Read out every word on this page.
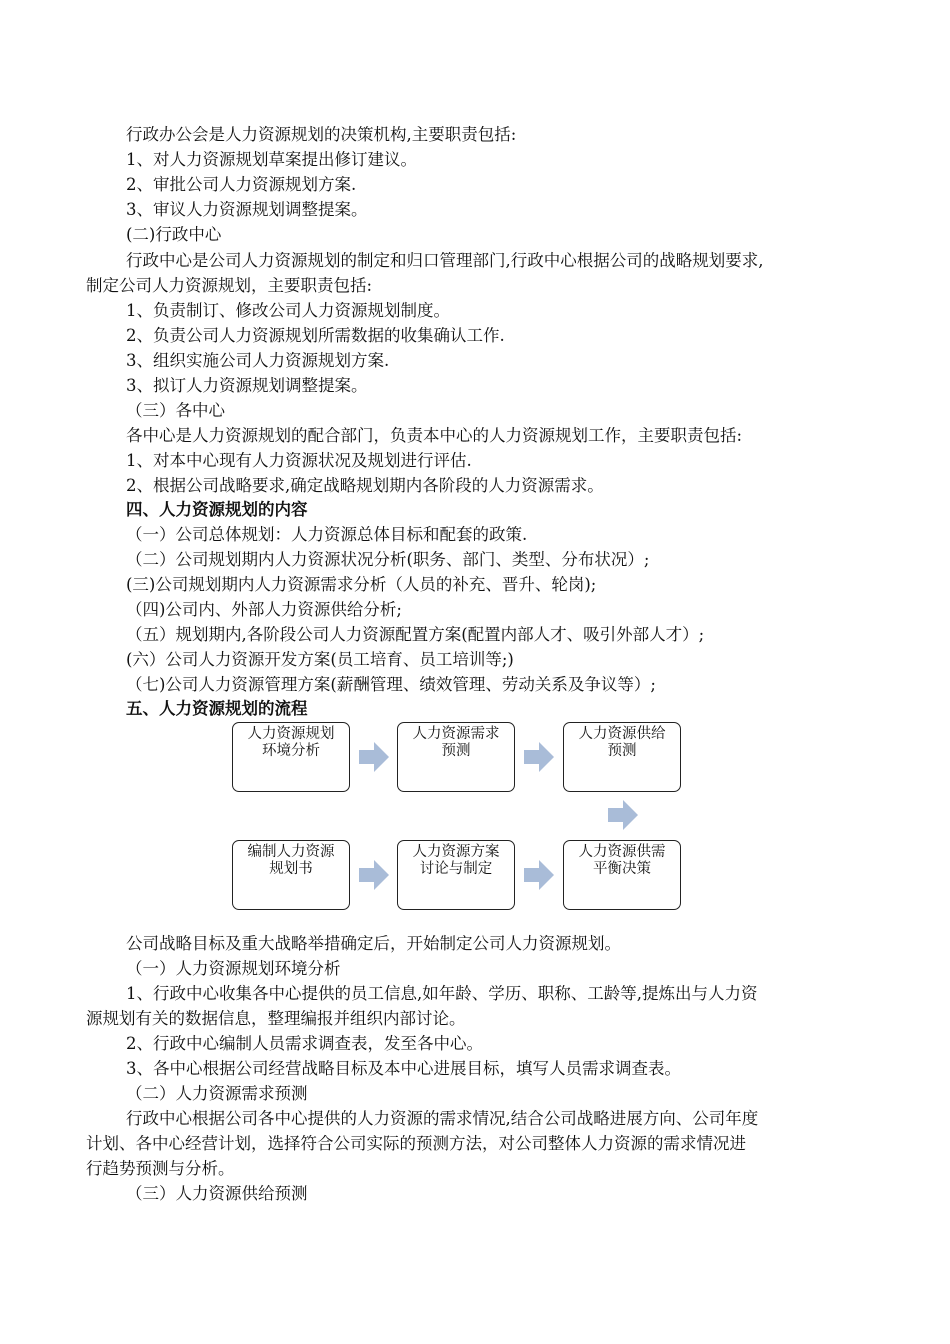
行政办公会是人力资源规划的决策机构,主要职责包括:
1、对人力资源规划草案提出修订建议。
2、审批公司人力资源规划方案.
3、审议人力资源规划调整提案。
(二)行政中心
行政中心是公司人力资源规划的制定和归口管理部门,行政中心根据公司的战略规划要求,
制定公司人力资源规划，主要职责包括:
1、负责制订、修改公司人力资源规划制度。
2、负责公司人力资源规划所需数据的收集确认工作.
3、组织实施公司人力资源规划方案.
3、拟订人力资源规划调整提案。
（三）各中心
各中心是人力资源规划的配合部门，负责本中心的人力资源规划工作，主要职责包括:
1、对本中心现有人力资源状况及规划进行评估.
2、根据公司战略要求,确定战略规划期内各阶段的人力资源需求。
四、人力资源规划的内容
（一）公司总体规划：人力资源总体目标和配套的政策.
（二）公司规划期内人力资源状况分析(职务、部门、类型、分布状况）;
(三)公司规划期内人力资源需求分析（人员的补充、晋升、轮岗);
（四)公司内、外部人力资源供给分析;
（五）规划期内,各阶段公司人力资源配置方案(配置内部人才、吸引外部人才）;
(六）公司人力资源开发方案(员工培育、员工培训等;)
（七)公司人力资源管理方案(薪酬管理、绩效管理、劳动关系及争议等）;
五、人力资源规划的流程
人力资源规划
环境分析
人力资源需求
预测
人力资源供给
预测
编制人力资源
规划书
人力资源方案
讨论与制定
人力资源供需
平衡决策
公司战略目标及重大战略举措确定后，开始制定公司人力资源规划。
（一）人力资源规划环境分析
1、行政中心收集各中心提供的员工信息,如年龄、学历、职称、工龄等,提炼出与人力资
源规划有关的数据信息，整理编报并组织内部讨论。
2、行政中心编制人员需求调查表，发至各中心。
3、各中心根据公司经营战略目标及本中心进展目标，填写人员需求调查表。
（二）人力资源需求预测
行政中心根据公司各中心提供的人力资源的需求情况,结合公司战略进展方向、公司年度
计划、各中心经营计划，选择符合公司实际的预测方法，对公司整体人力资源的需求情况进
行趋势预测与分析。
（三）人力资源供给预测
